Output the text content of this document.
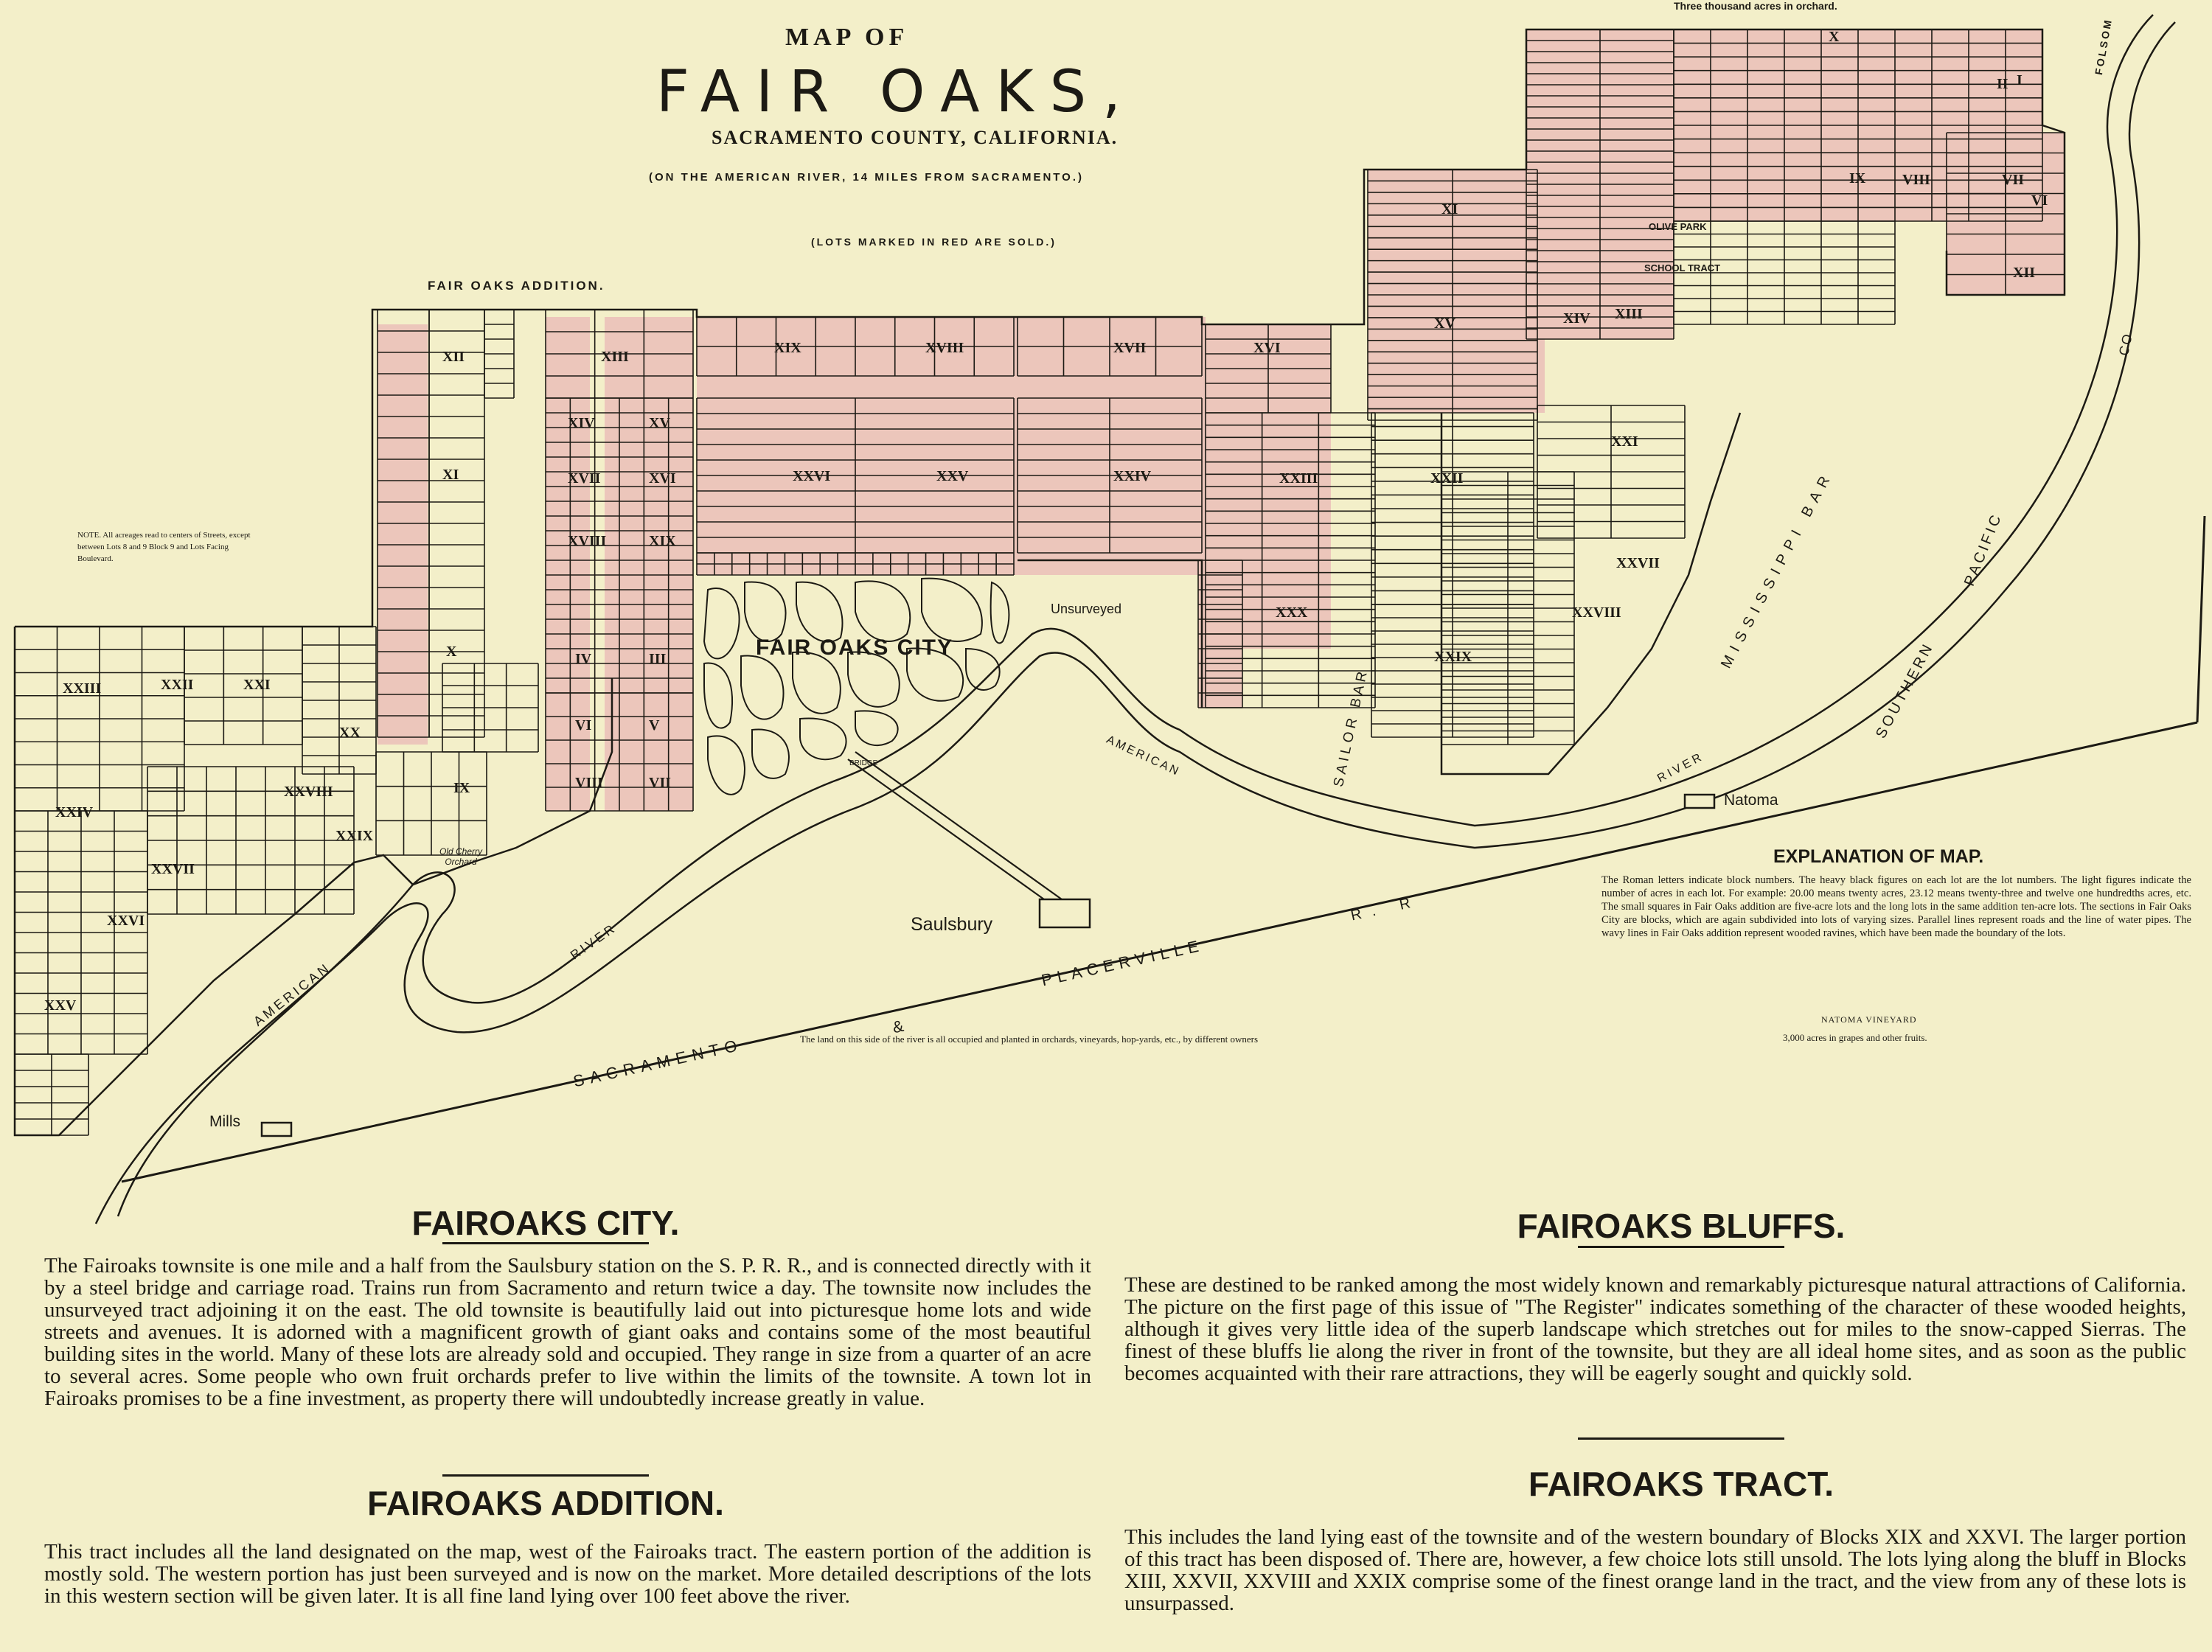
XII	XIII
XI
XIV	XV
XVII	XVI
XVIII	XIX
X
IX
IV	III
VI	V
VIII	VII
XIX	XVIII	XVII
XXVI	XXV	XXIV
XVI
XXIII
XXX
XXII
XXI
XXIX
XXVIII
XXVII
XV	XIV
XI
X
IX VIII	VII
VI
XIII
XII
XXIII	XXII	XXI
XX
XXIV
XXVIII
XXVII
XXVI
XXV
XXIX
I
II
MAP OF
FAIR OAKS,
SACRAMENTO COUNTY, CALIFORNIA.
(ON THE AMERICAN RIVER, 14 MILES FROM SACRAMENTO.)
(LOTS MARKED IN RED ARE SOLD.)
Three thousand acres in orchard.
FAIR OAKS ADDITION.
NOTE. All acreages read to centers of Streets, except between Lots 8 and 9 Block 9 and Lots Facing Boulevard.
Unsurveyed
FAIR OAKS CITY
BRIDGE
Saulsbury
Natoma
Mills
Old Cherry Orchard
AMERICAN
RIVER
AMERICAN	RIVER
SAILOR BAR
MISSISSIPPI BAR
SOUTHERN
PACIFIC
CO
SACRAMENTO
&
PLACERVILLE
R. R
FOLSOM
OLIVE PARK
SCHOOL TRACT
The land on this side of the river is all occupied and planted in orchards, vineyards, hop-yards, etc., by different owners
EXPLANATION OF MAP.
The Roman letters indicate block numbers. The heavy black figures on each lot are the lot numbers. The light figures indicate the number of acres in each lot. For example: 20.00 means twenty acres, 23.12 means twenty-three and twelve one hundredths acres, etc. The small squares in Fair Oaks addition are five-acre lots and the long lots in the same addition ten-acre lots. The sections in Fair Oaks City are blocks, which are again subdivided into lots of varying sizes. Parallel lines represent roads and the line of water pipes. The wavy lines in Fair Oaks addition represent wooded ravines, which have been made the boundary of the lots.
NATOMA VINEYARD
3,000 acres in grapes and other fruits.
FAIROAKS CITY.
The Fairoaks townsite is one mile and a half from the Saulsbury station on the S. P. R. R., and is connected directly with it by a steel bridge and carriage road. Trains run from Sacramento and return twice a day. The townsite now includes the unsurveyed tract adjoining it on the east. The old townsite is beautifully laid out into picturesque home lots and wide streets and avenues. It is adorned with a magnificent growth of giant oaks and contains some of the most beautiful building sites in the world. Many of these lots are already sold and occupied. They range in size from a quarter of an acre to several acres. Some people who own fruit orchards prefer to live within the limits of the townsite. A town lot in Fairoaks promises to be a fine investment, as property there will undoubtedly increase greatly in value.
FAIROAKS ADDITION.
This tract includes all the land designated on the map, west of the Fairoaks tract. The eastern portion of the addition is mostly sold. The western portion has just been surveyed and is now on the market. More detailed descriptions of the lots in this western section will be given later. It is all fine land lying over 100 feet above the river.
FAIROAKS BLUFFS.
These are destined to be ranked among the most widely known and remarkably picturesque natural attractions of California. The picture on the first page of this issue of "The Register" indicates something of the character of these wooded heights, although it gives very little idea of the superb landscape which stretches out for miles to the snow-capped Sierras. The finest of these bluffs lie along the river in front of the townsite, but they are all ideal home sites, and as soon as the public becomes acquainted with their rare attractions, they will be eagerly sought and quickly sold.
FAIROAKS TRACT.
This includes the land lying east of the townsite and of the western boundary of Blocks XIX and XXVI. The larger portion of this tract has been disposed of. There are, however, a few choice lots still unsold. The lots lying along the bluff in Blocks XIII, XXVII, XXVIII and XXIX comprise some of the finest orange land in the tract, and the view from any of these lots is unsurpassed.
